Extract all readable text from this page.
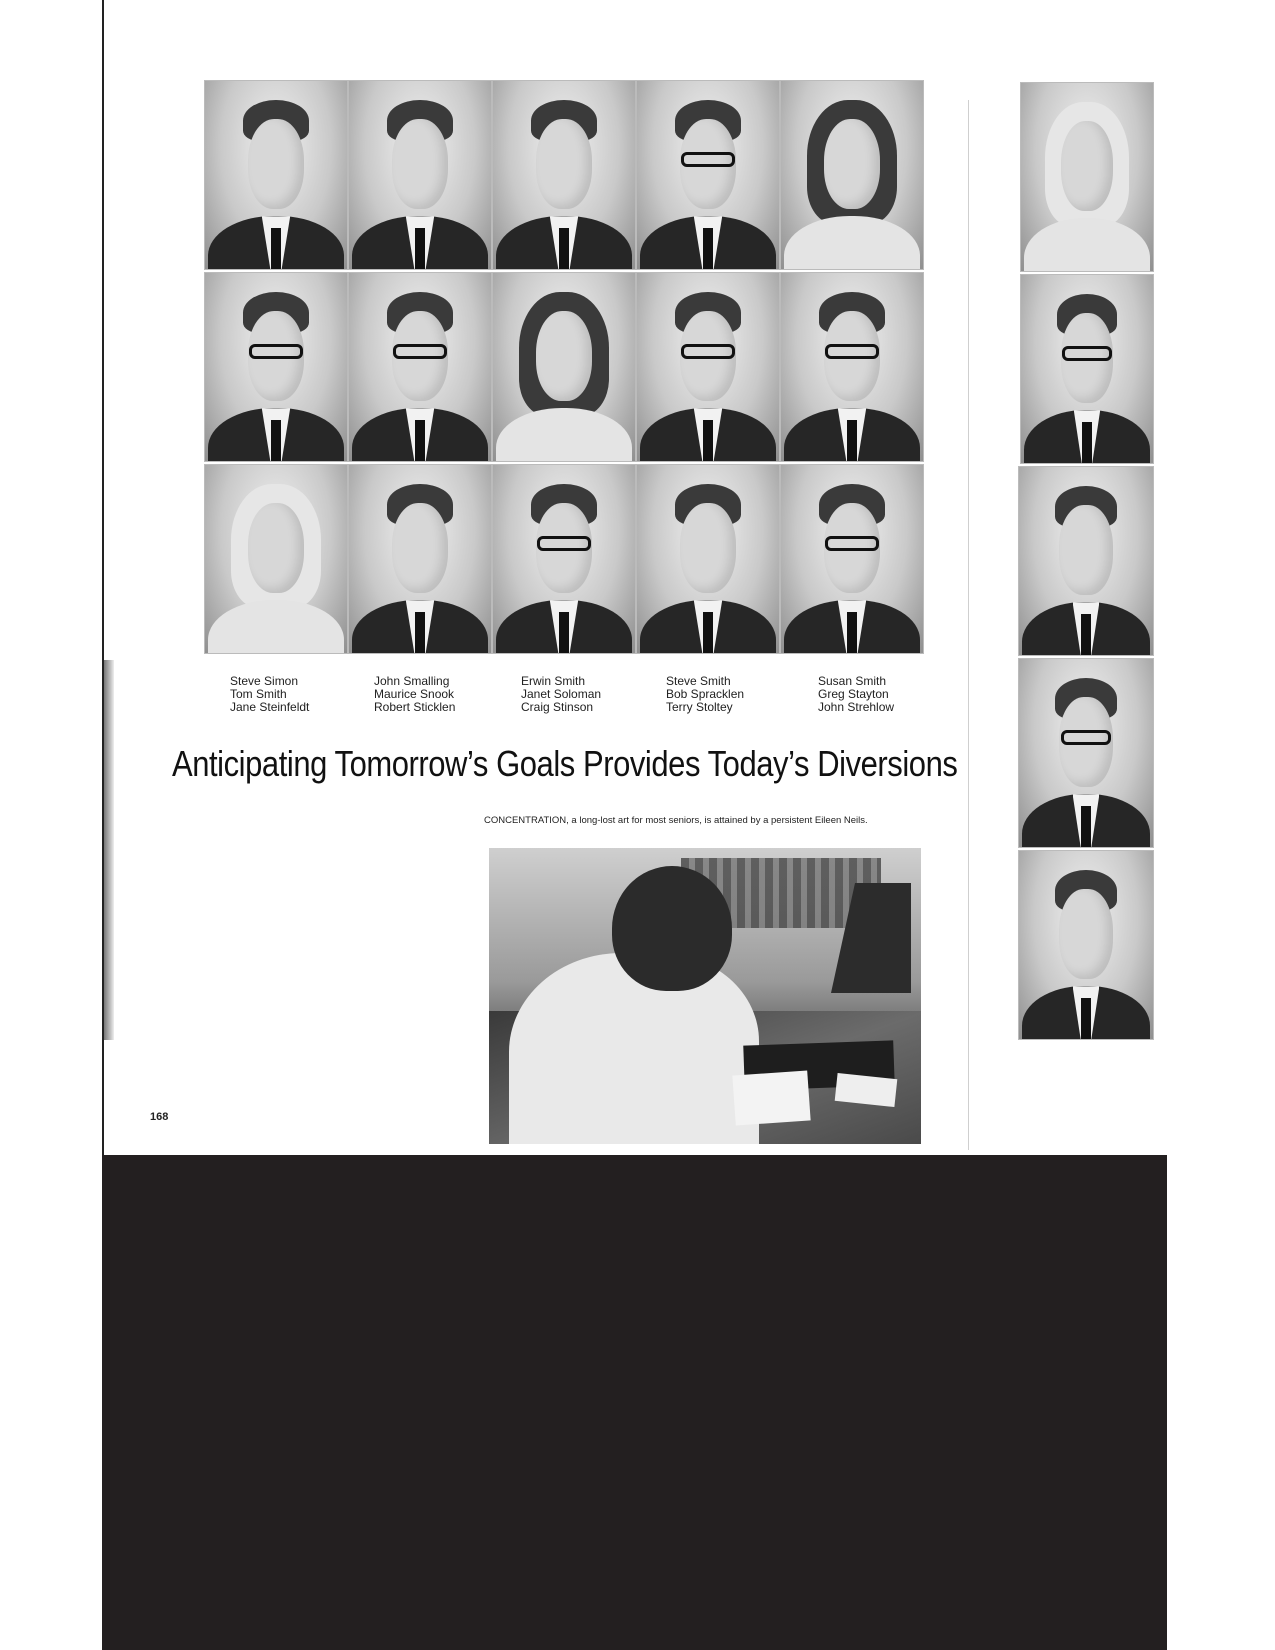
Steve Simon
Tom Smith
Jane Steinfeldt
John Smalling
Maurice Snook
Robert Sticklen
Erwin Smith
Janet Soloman
Craig Stinson
Steve Smith
Bob Spracklen
Terry Stoltey
Susan Smith
Greg Stayton
John Strehlow
Anticipating Tomorrow’s Goals Provides Today’s Diversions
CONCENTRATION, a long-lost art for most seniors, is attained by a persistent Eileen Neils.
168
